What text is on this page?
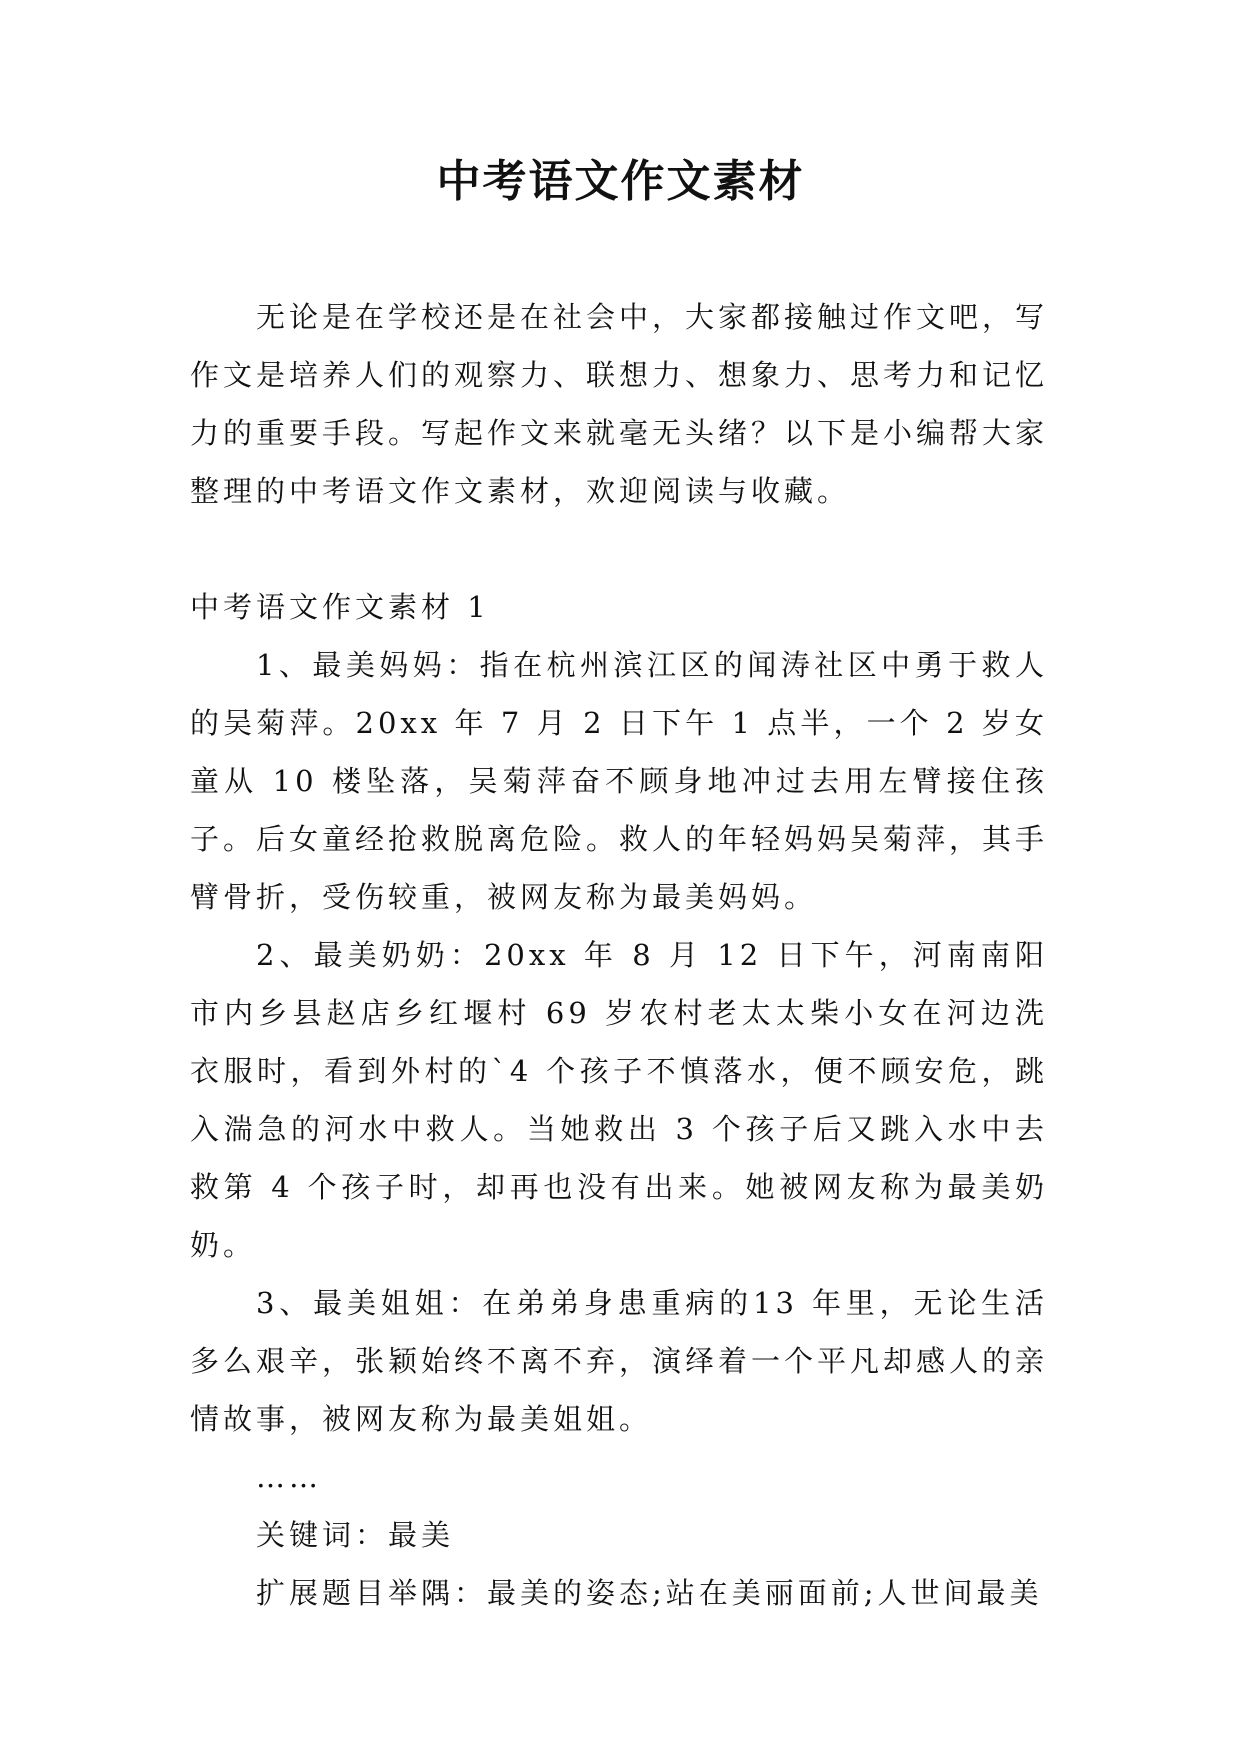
中考语文作文素材

无论是在学校还是在社会中，大家都接触过作文吧，写作文是培养人们的观察力、联想力、想象力、思考力和记忆力的重要手段。写起作文来就毫无头绪？以下是小编帮大家整理的中考语文作文素材，欢迎阅读与收藏。

中考语文作文素材 1

1、最美妈妈：指在杭州滨江区的闻涛社区中勇于救人的吴菊萍。20xx 年 7 月 2 日下午 1 点半，一个 2 岁女童从 10 楼坠落，吴菊萍奋不顾身地冲过去用左臂接住孩子。后女童经抢救脱离危险。救人的年轻妈妈吴菊萍，其手臂骨折，受伤较重，被网友称为最美妈妈。

2、最美奶奶：20xx 年 8 月 12 日下午，河南南阳市内乡县赵店乡红堰村 69 岁农村老太太柴小女在河边洗衣服时，看到外村的`4 个孩子不慎落水，便不顾安危，跳入湍急的河水中救人。当她救出 3 个孩子后又跳入水中去救第 4 个孩子时，却再也没有出来。她被网友称为最美奶奶。

3、最美姐姐：在弟弟身患重病的13 年里，无论生活多么艰辛，张颖始终不离不弃，演绎着一个平凡却感人的亲情故事，被网友称为最美姐姐。

……

关键词：最美

扩展题目举隅：最美的姿态;站在美丽面前;人世间最美
